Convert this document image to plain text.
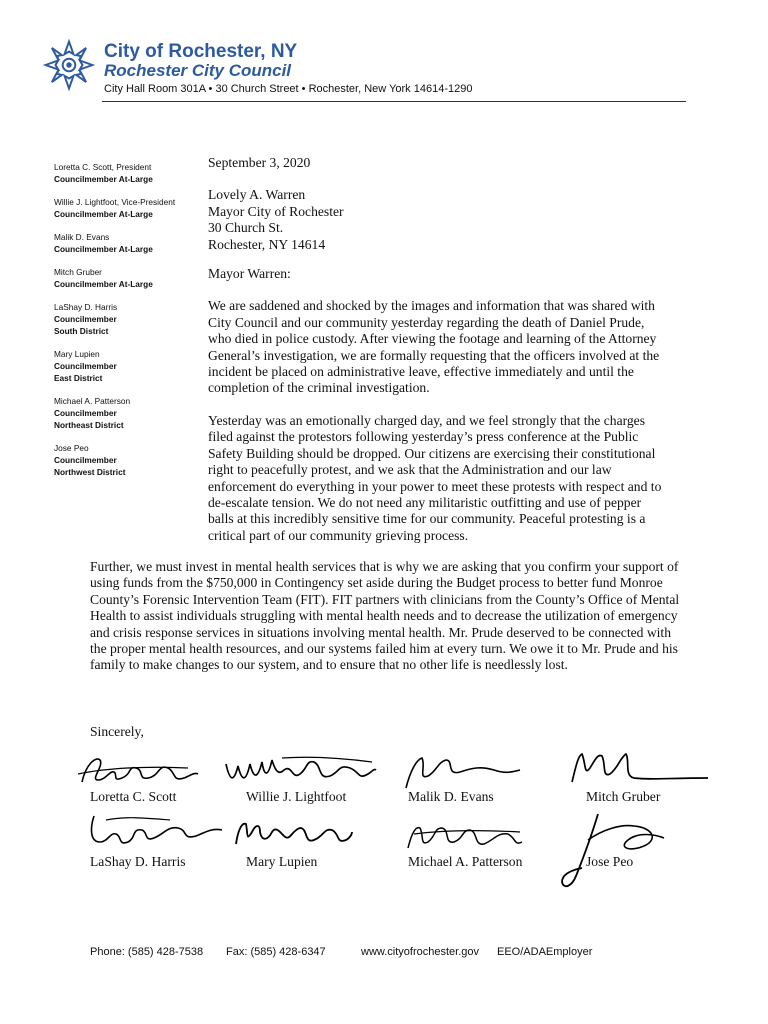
City of Rochester, NY
Rochester City Council
City Hall Room 301A • 30 Church Street • Rochester, New York 14614-1290
Loretta C. Scott, President
Councilmember At-Large
Willie J. Lightfoot, Vice-President
Councilmember At-Large
Malik D. Evans
Councilmember At-Large
Mitch Gruber
Councilmember At-Large
LaShay D. Harris
Councilmember
South District
Mary Lupien
Councilmember
East District
Michael A. Patterson
Councilmember
Northeast District
Jose Peo
Councilmember
Northwest District

September 3, 2020

Lovely A. Warren
Mayor City of Rochester
30 Church St.
Rochester, NY 14614

Mayor Warren:

We are saddened and shocked by the images and information that was shared with City Council and our community yesterday regarding the death of Daniel Prude, who died in police custody. After viewing the footage and learning of the Attorney General’s investigation, we are formally requesting that the officers involved at the incident be placed on administrative leave, effective immediately and until the completion of the criminal investigation.

Yesterday was an emotionally charged day, and we feel strongly that the charges filed against the protestors following yesterday’s press conference at the Public Safety Building should be dropped. Our citizens are exercising their constitutional right to peacefully protest, and we ask that the Administration and our law enforcement do everything in your power to meet these protests with respect and to de-escalate tension. We do not need any militaristic outfitting and use of pepper balls at this incredibly sensitive time for our community. Peaceful protesting is a critical part of our community grieving process.

Further, we must invest in mental health services that is why we are asking that you confirm your support of using funds from the $750,000 in Contingency set aside during the Budget process to better fund Monroe County’s Forensic Intervention Team (FIT). FIT partners with clinicians from the County’s Office of Mental Health to assist individuals struggling with mental health needs and to decrease the utilization of emergency and crisis response services in situations involving mental health. Mr. Prude deserved to be connected with the proper mental health resources, and our systems failed him at every turn. We owe it to Mr. Prude and his family to make changes to our system, and to ensure that no other life is needlessly lost.

Sincerely,

Loretta C. Scott	Willie J. Lightfoot	Malik D. Evans	Mitch Gruber
LaShay D. Harris	Mary Lupien	Michael A. Patterson	Jose Peo
Phone: (585) 428-7538 Fax: (585) 428-6347	www.cityofrochester.gov EEO/ADAEmployer
